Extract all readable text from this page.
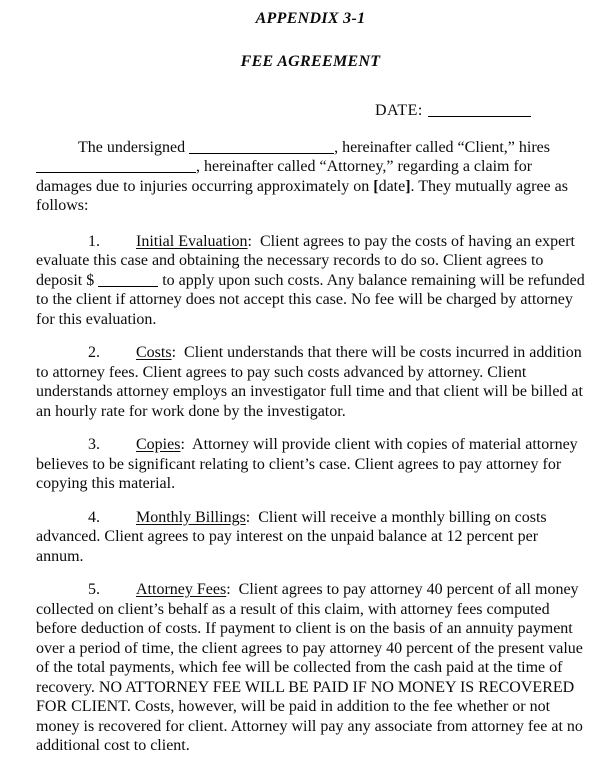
APPENDIX 3-1
FEE AGREEMENT
DATE:

The undersigned	, hereinafter called “Client,” hires , hereinafter called “Attorney,” regarding a claim for damages due to injuries occurring approximately on [date]. They mutually agree as follows:

1. Initial Evaluation:  Client agrees to pay the costs of having an expert evaluate this case and obtaining the necessary records to do so. Client agrees to deposit $	to apply upon such costs. Any balance remaining will be refunded to the client if attorney does not accept this case. No fee will be charged by attorney for this evaluation.

2. Costs:  Client understands that there will be costs incurred in addition to attorney fees. Client agrees to pay such costs advanced by attorney. Client understands attorney employs an investigator full time and that client will be billed at an hourly rate for work done by the investigator.

3. Copies:  Attorney will provide client with copies of material attorney believes to be significant relating to client’s case. Client agrees to pay attorney for copying this material.

4. Monthly Billings:  Client will receive a monthly billing on costs advanced. Client agrees to pay interest on the unpaid balance at 12 percent per annum.

5. Attorney Fees:  Client agrees to pay attorney 40 percent of all money collected on client’s behalf as a result of this claim, with attorney fees computed before deduction of costs. If payment to client is on the basis of an annuity payment over a period of time, the client agrees to pay attorney 40 percent of the present value of the total payments, which fee will be collected from the cash paid at the time of recovery. NO ATTORNEY FEE WILL BE PAID IF NO MONEY IS RECOVERED FOR CLIENT. Costs, however, will be paid in addition to the fee whether or not money is recovered for client. Attorney will pay any associate from attorney fee at no additional cost to client.
